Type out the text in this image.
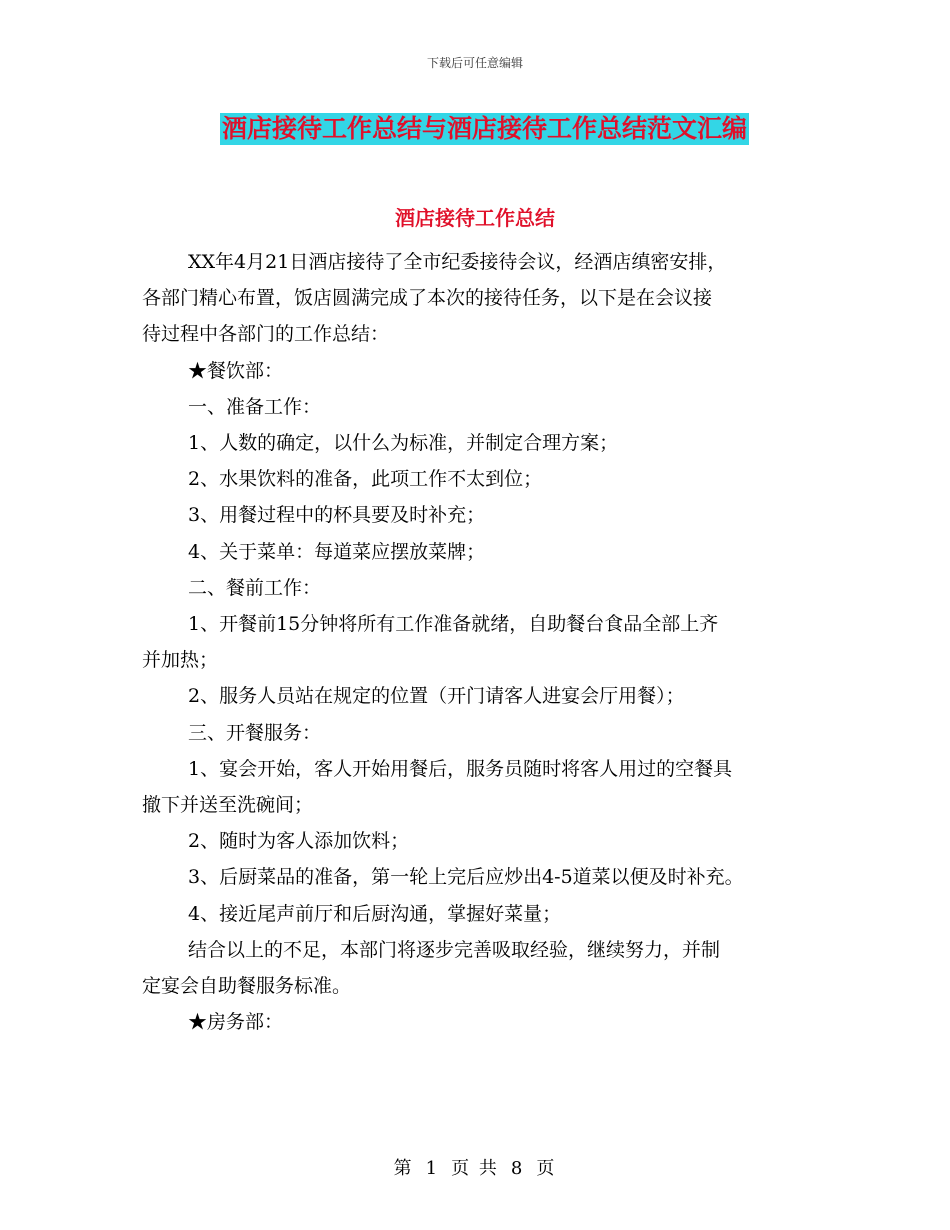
下载后可任意编辑
酒店接待工作总结与酒店接待工作总结范文汇编
酒店接待工作总结

XX年4月21日酒店接待了全市纪委接待会议，经酒店缜密安排，

各部门精心布置，饭店圆满完成了本次的接待任务，以下是在会议接

待过程中各部门的工作总结：

★餐饮部：

一、准备工作：

1、人数的确定，以什么为标准，并制定合理方案；

2、水果饮料的准备，此项工作不太到位；

3、用餐过程中的杯具要及时补充；

4、关于菜单：每道菜应摆放菜牌；

二、餐前工作：

1、开餐前15分钟将所有工作准备就绪，自助餐台食品全部上齐

并加热；

2、服务人员站在规定的位置（开门请客人进宴会厅用餐）；

三、开餐服务：

1、宴会开始，客人开始用餐后，服务员随时将客人用过的空餐具

撤下并送至洗碗间；

2、随时为客人添加饮料；

3、后厨菜品的准备，第一轮上完后应炒出4-5道菜以便及时补充。

4、接近尾声前厅和后厨沟通，掌握好菜量；

结合以上的不足，本部门将逐步完善吸取经验，继续努力，并制

定宴会自助餐服务标准。

★房务部：

第 1 页 共 8 页
